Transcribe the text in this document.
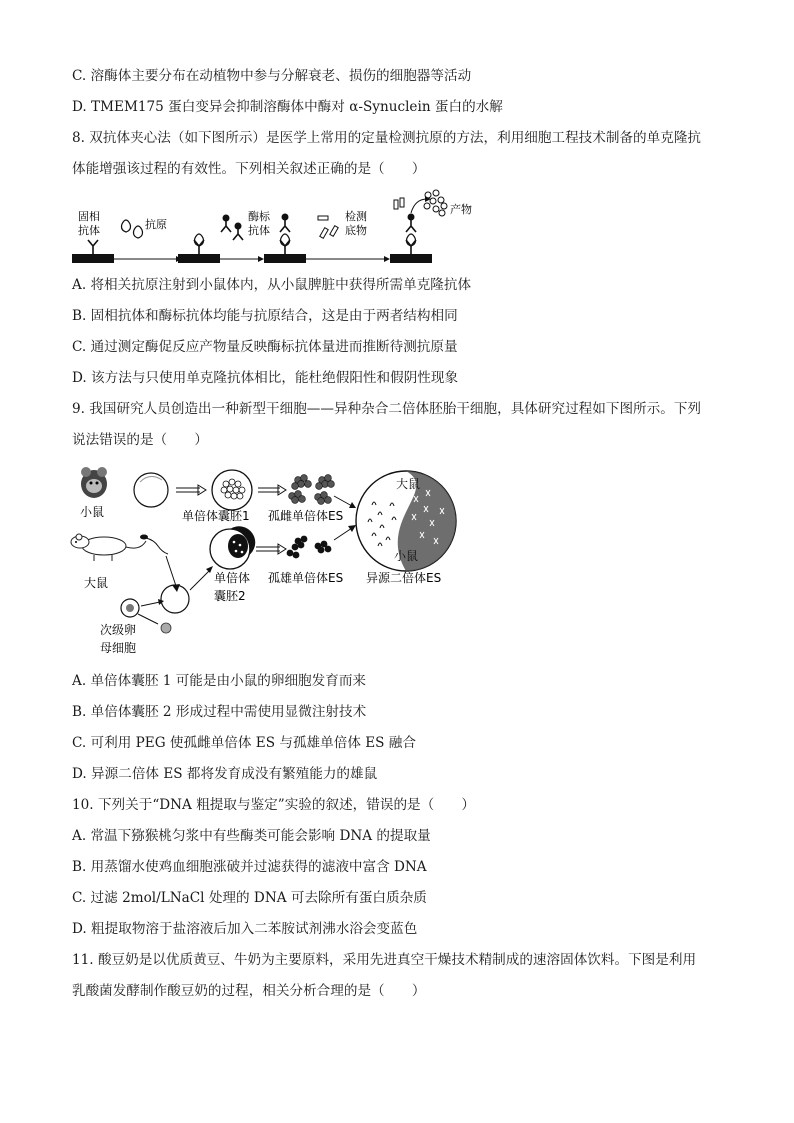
C. 溶酶体主要分布在动植物中参与分解衰老、损伤的细胞器等活动
D. TMEM175 蛋白变异会抑制溶酶体中酶对 α-Synuclein 蛋白的水解
8. 双抗体夹心法（如下图所示）是医学上常用的定量检测抗原的方法，利用细胞工程技术制备的单克隆抗
体能增强该过程的有效性。下列相关叙述正确的是（　　）
固相
抗体	抗原
酶标
抗体
检测
底物
产物
A. 将相关抗原注射到小鼠体内，从小鼠脾脏中获得所需单克隆抗体
B. 固相抗体和酶标抗体均能与抗原结合，这是由于两者结构相同
C. 通过测定酶促反应产物量反映酶标抗体量进而推断待测抗原量
D. 该方法与只使用单克隆抗体相比，能杜绝假阳性和假阴性现象
9. 我国研究人员创造出一种新型干细胞——异种杂合二倍体胚胎干细胞，具体研究过程如下图所示。下列
说法错误的是（　　）
小鼠	单倍体囊胚1 孤雌单倍体ES
大鼠
次级卵
母细胞
单倍体
囊胚2
孤雄单倍体ES
大鼠
小鼠
异源二倍体ES
A. 单倍体囊胚 1 可能是由小鼠的卵细胞发育而来
B. 单倍体囊胚 2 形成过程中需使用显微注射技术
C. 可利用 PEG 使孤雌单倍体 ES 与孤雄单倍体 ES 融合
D. 异源二倍体 ES 都将发育成没有繁殖能力的雄鼠
10. 下列关于“DNA 粗提取与鉴定”实验的叙述，错误的是（　　）
A. 常温下猕猴桃匀浆中有些酶类可能会影响 DNA 的提取量
B. 用蒸馏水使鸡血细胞涨破并过滤获得的滤液中富含 DNA
C. 过滤 2mol/LNaCl 处理的 DNA 可去除所有蛋白质杂质
D. 粗提取物溶于盐溶液后加入二苯胺试剂沸水浴会变蓝色
11. 酸豆奶是以优质黄豆、牛奶为主要原料，采用先进真空干燥技术精制成的速溶固体饮料。下图是利用
乳酸菌发酵制作酸豆奶的过程，相关分析合理的是（　　）
